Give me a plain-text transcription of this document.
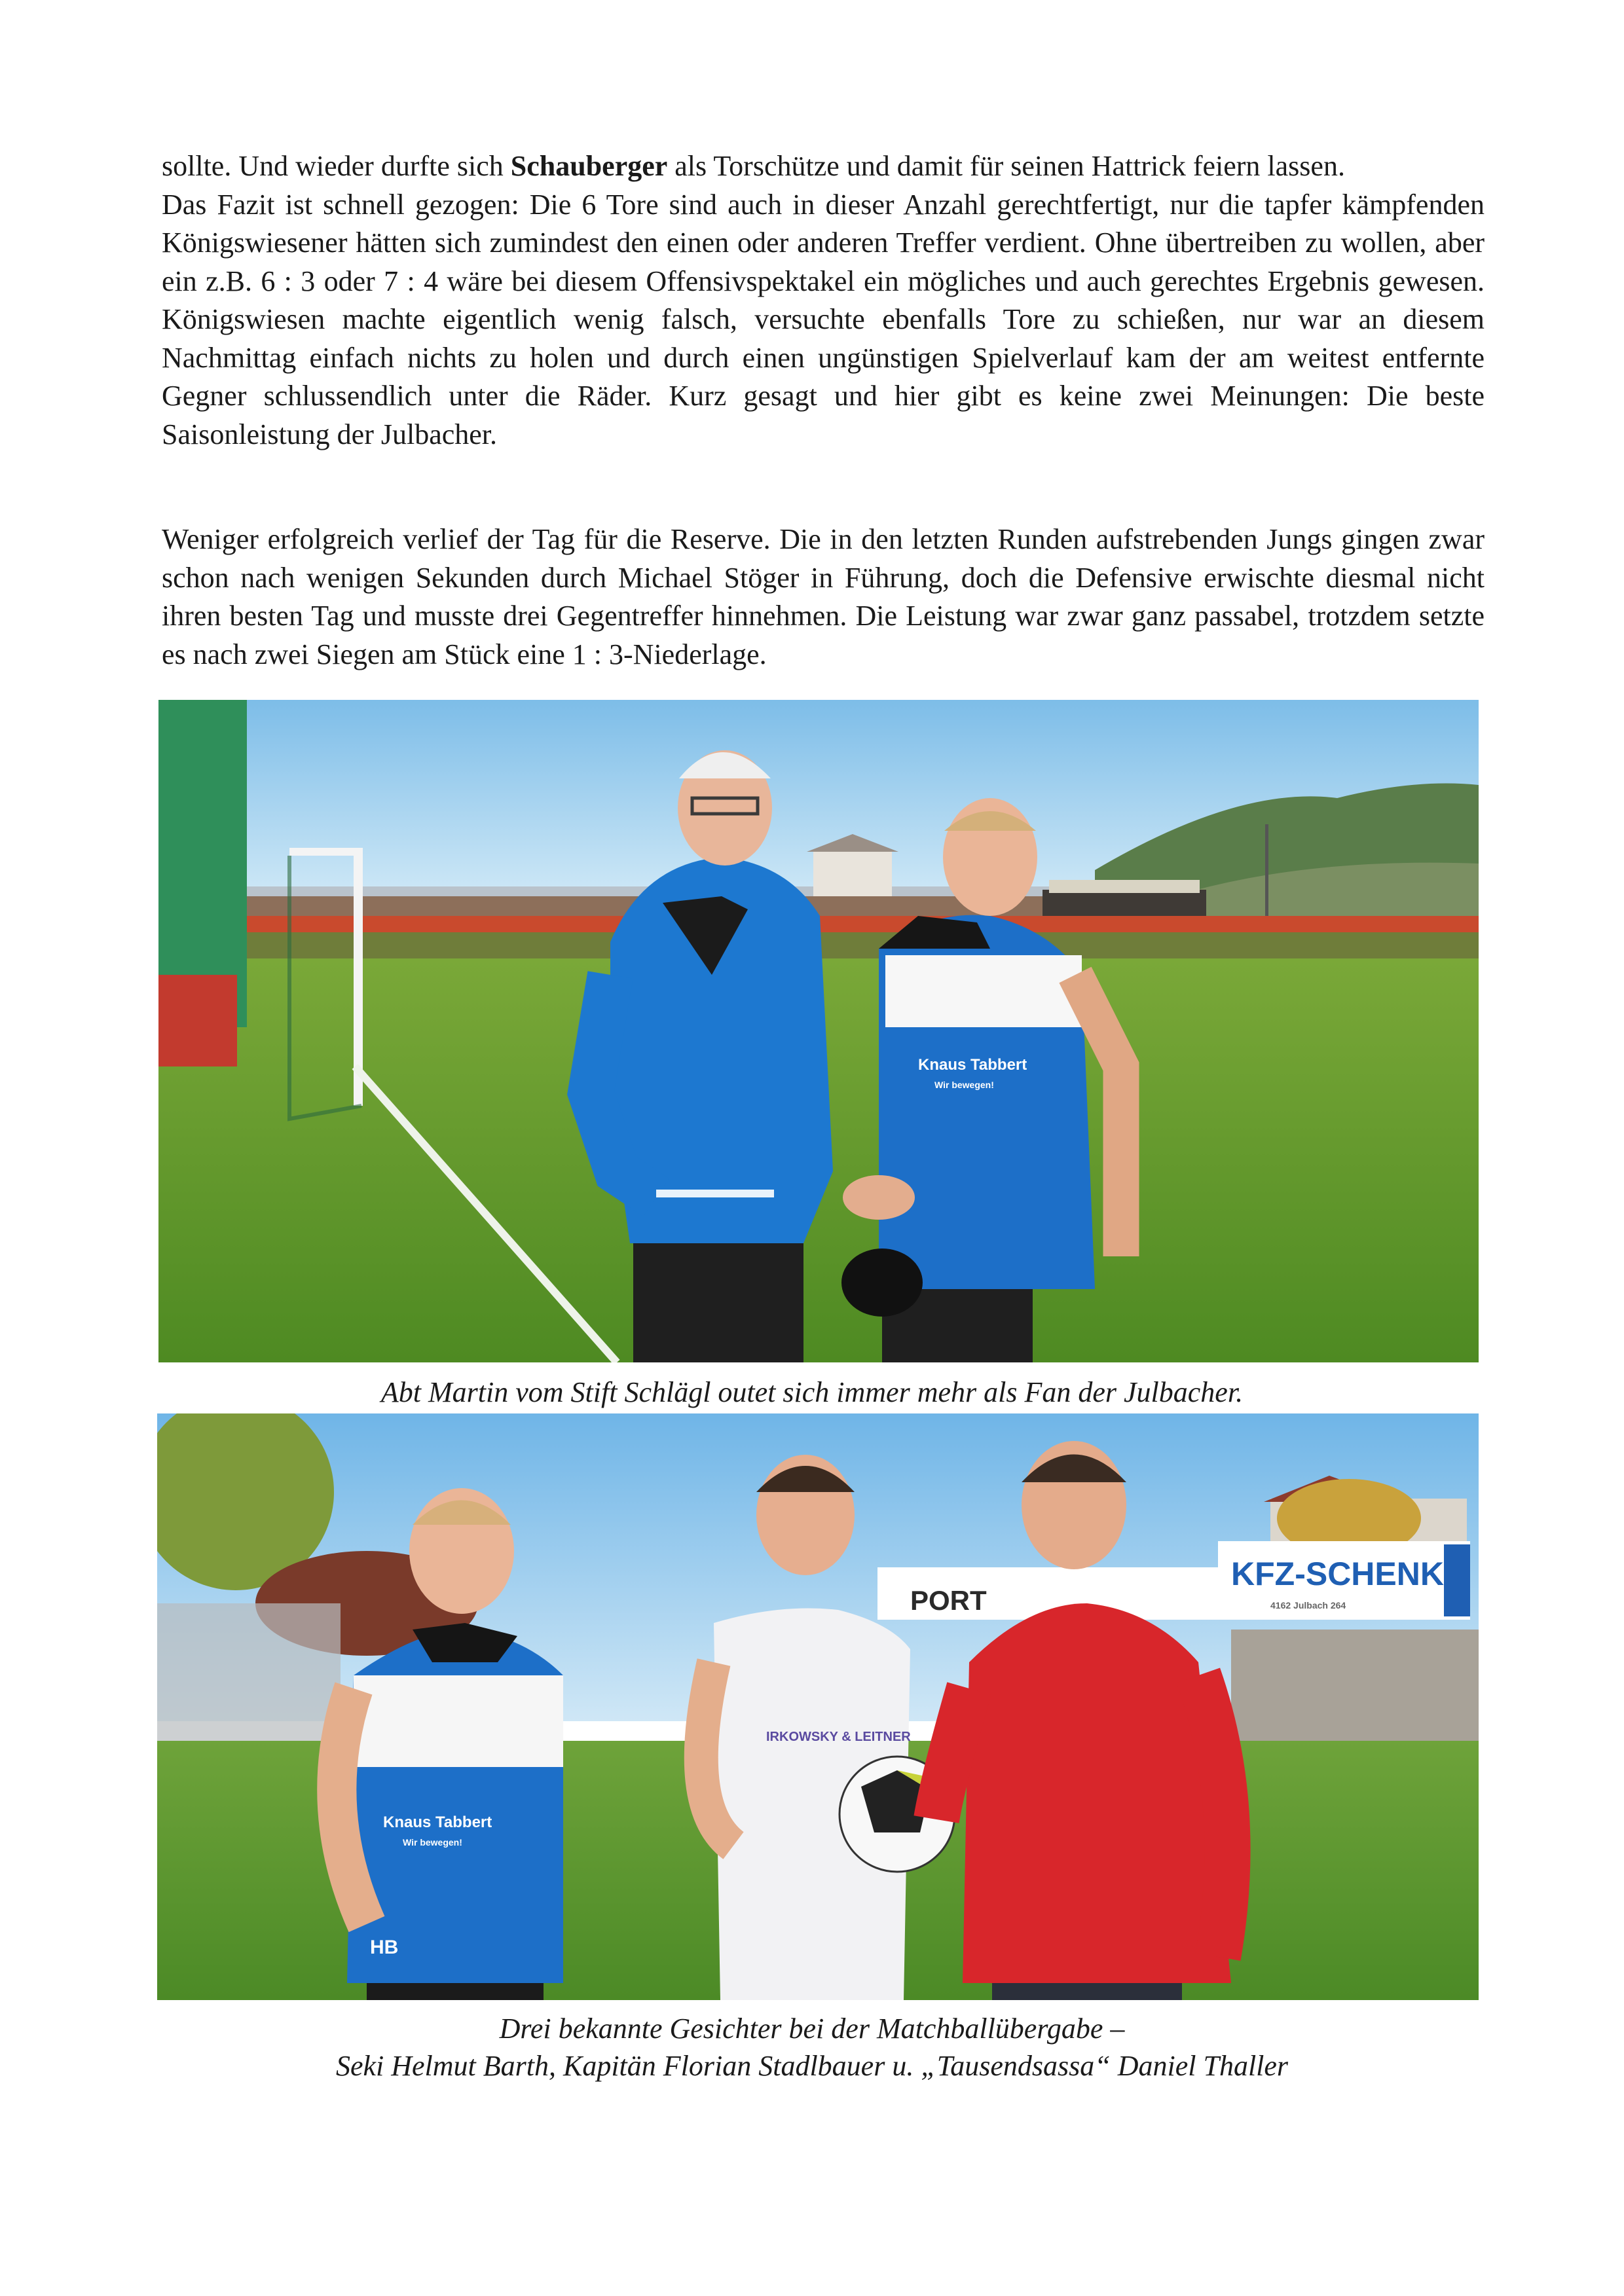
sollte. Und wieder durfte sich Schauberger als Torschütze und damit für seinen Hattrick feiern lassen.

Das Fazit ist schnell gezogen: Die 6 Tore sind auch in dieser Anzahl gerechtfertigt, nur die tapfer kämpfenden Königswiesener hätten sich zumindest den einen oder anderen Treffer verdient. Ohne übertreiben zu wollen, aber ein z.B. 6 : 3 oder 7 : 4 wäre bei diesem Offensivspektakel ein mögliches und auch gerechtes Ergebnis gewesen. Königswiesen machte eigentlich wenig falsch, versuchte ebenfalls Tore zu schießen, nur war an diesem Nachmittag einfach nichts zu holen und durch einen ungünstigen Spielverlauf kam der am weitest entfernte Gegner schlussendlich unter die Räder. Kurz gesagt und hier gibt es keine zwei Meinungen: Die beste Saisonleistung der Julbacher.

Weniger erfolgreich verlief der Tag für die Reserve. Die in den letzten Runden aufstrebenden Jungs gingen zwar schon nach wenigen Sekunden durch Michael Stöger in Führung, doch die Defensive erwischte diesmal nicht ihren besten Tag und musste drei Gegentreffer hinnehmen. Die Leistung war zwar ganz passabel, trotzdem setzte es nach zwei Siegen am Stück eine 1 : 3-Niederlage.

Knaus Tabbert
Wir bewegen!
Abt Martin vom Stift Schlägl outet sich immer mehr als Fan der Julbacher.
KFZ-SCHENK
4162 Julbach 264
PORT
Knaus Tabbert
Wir bewegen!
HB
IRKOWSKY & LEITNER
Drei bekannte Gesichter bei der Matchballübergabe –
Seki Helmut Barth, Kapitän Florian Stadlbauer u. „Tausendsassa“ Daniel Thaller
